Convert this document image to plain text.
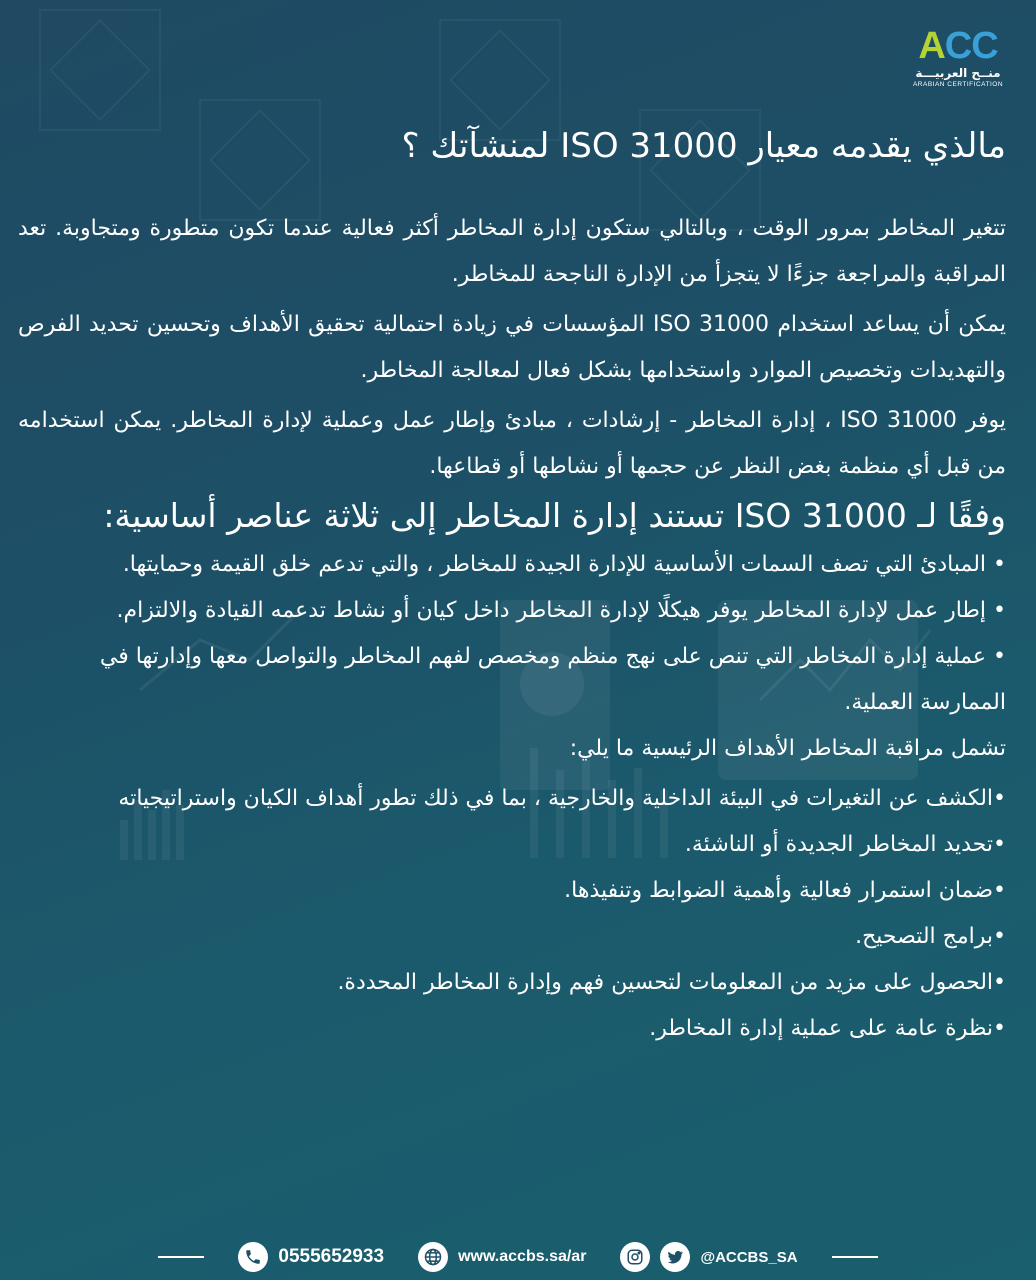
ACC
منــح العربيـــة
ARABIAN CERTIFICATION
مالذي يقدمه معيار ISO 31000 لمنشآتك ؟

تتغير المخاطر بمرور الوقت ، وبالتالي ستكون إدارة المخاطر أكثر فعالية عندما تكون متطورة ومتجاوبة. تعد المراقبة والمراجعة جزءًا لا يتجزأ من الإدارة الناجحة للمخاطر.

يمكن أن يساعد استخدام ISO 31000 المؤسسات في زيادة احتمالية تحقيق الأهداف وتحسين تحديد الفرص والتهديدات وتخصيص الموارد واستخدامها بشكل فعال لمعالجة المخاطر.

يوفر ISO 31000 ، إدارة المخاطر - إرشادات ، مبادئ وإطار عمل وعملية لإدارة المخاطر. يمكن استخدامه من قبل أي منظمة بغض النظر عن حجمها أو نشاطها أو قطاعها.

وفقًا لـ ISO 31000 تستند إدارة المخاطر إلى ثلاثة عناصر أساسية:
• المبادئ التي تصف السمات الأساسية للإدارة الجيدة للمخاطر ، والتي تدعم خلق القيمة وحمايتها.
• إطار عمل لإدارة المخاطر يوفر هيكلًا لإدارة المخاطر داخل كيان أو نشاط تدعمه القيادة والالتزام.
• عملية إدارة المخاطر التي تنص على نهج منظم ومخصص لفهم المخاطر والتواصل معها وإدارتها في الممارسة العملية.

تشمل مراقبة المخاطر الأهداف الرئيسية ما يلي:

•الكشف عن التغيرات في البيئة الداخلية والخارجية ، بما في ذلك تطور أهداف الكيان واستراتيجياته
•تحديد المخاطر الجديدة أو الناشئة.
•ضمان استمرار فعالية وأهمية الضوابط وتنفيذها.
•برامج التصحيح.
•الحصول على مزيد من المعلومات لتحسين فهم وإدارة المخاطر المحددة.
•نظرة عامة على عملية إدارة المخاطر.
0555652933	www.accbs.sa/ar	@ACCBS_SA
